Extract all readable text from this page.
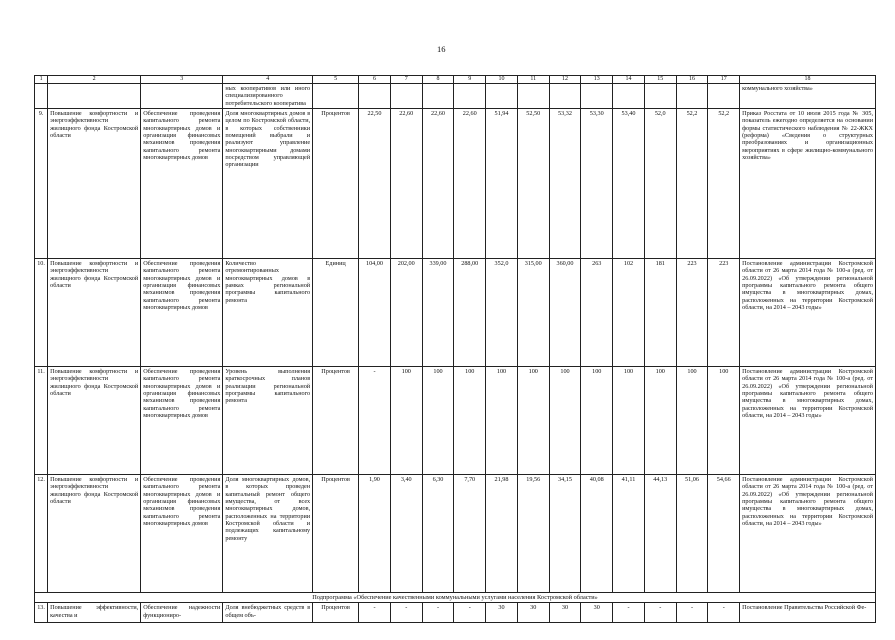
16
1	2	3	4	5	6	7	8	9	10	11	12	13	14	15	16	17	18
			ных кооперативов или иного специализированного потребительского кооператива														коммунального хозяйства»
9.	Повышение комфортности и энергоэффективности жилищного фонда Костромской области	Обеспечение проведения капитального ремонта многоквартирных домов и организация финансовых механизмов проведения капитального ремонта многоквартирных домов	Доля многоквартирных домов в целом по Костромской области, в которых собственники помещений выбрали и реализуют управление многоквартирными домами посредством управляющей организации	Процентов	22,50	22,60	22,60	22,60	51,94	52,50	53,32	53,30	53,40	52,0	52,2	52,2	Приказ Росстата от 10 июля 2015 года № 305, показатель ежегодно определяется на основании формы статистического наблюдения № 22-ЖКХ (реформа) «Сведения о структурных преобразованиях и организационных мероприятиях в сфере жилищно-коммунального хозяйства»
10.	Повышение комфортности и энергоэффективности жилищного фонда Костромской области	Обеспечение проведения капитального ремонта многоквартирных домов и организация финансовых механизмов проведения капитального ремонта многоквартирных домов	Количество отремонтированных многоквартирных домов в рамках региональной программы капитального ремонта	Единиц	104,00	202,00	339,00	288,00	352,0	315,00	360,00	263	102	181	223	223	Постановление администрации Костромской области от 26 марта 2014 года № 100-а (ред. от 26.09.2022) «Об утверждении региональной программы капитального ремонта общего имущества в многоквартирных домах, расположенных на территории Костромской области, на 2014 – 2043 годы»
11.	Повышение комфортности и энергоэффективности жилищного фонда Костромской области	Обеспечение проведения капитального ремонта многоквартирных домов и организация финансовых механизмов проведения капитального ремонта многоквартирных домов	Уровень выполнения краткосрочных планов реализации региональной программы капитального ремонта	Процентов	-	100	100	100	100	100	100	100	100	100	100	100	Постановление администрации Костромской области от 26 марта 2014 года № 100-а (ред. от 26.09.2022) «Об утверждении региональной программы капитального ремонта общего имущества в многоквартирных домах, расположенных на территории Костромской области, на 2014 – 2043 годы»
12.	Повышение комфортности и энергоэффективности жилищного фонда Костромской области	Обеспечение проведения капитального ремонта многоквартирных домов и организация финансовых механизмов проведения капитального ремонта многоквартирных домов	Доля многоквартирных домов, в которых проведен капитальный ремонт общего имущества, от всех многоквартирных домов, расположенных на территории Костромской области и подлежащих капитальному ремонту	Процентов	1,90	3,40	6,30	7,70	21,98	19,56	34,15	40,08	41,11	44,13	51,06	54,66	Постановление администрации Костромской области от 26 марта 2014 года № 100-а (ред. от 26.09.2022) «Об утверждении региональной программы капитального ремонта общего имущества в многоквартирных домах, расположенных на территории Костромской области, на 2014 – 2043 годы»
Подпрограмма «Обеспечение качественными коммунальными услугами населения Костромской области»																	
13.	Повышение эффективности, качества и	Обеспечение надежности функциониро-	Доля внебюджетных средств в общем объ-	Процентов	-	-	-	-	30	30	30	30	-	-	-	-	Постановление Правительства Российской Фе-
